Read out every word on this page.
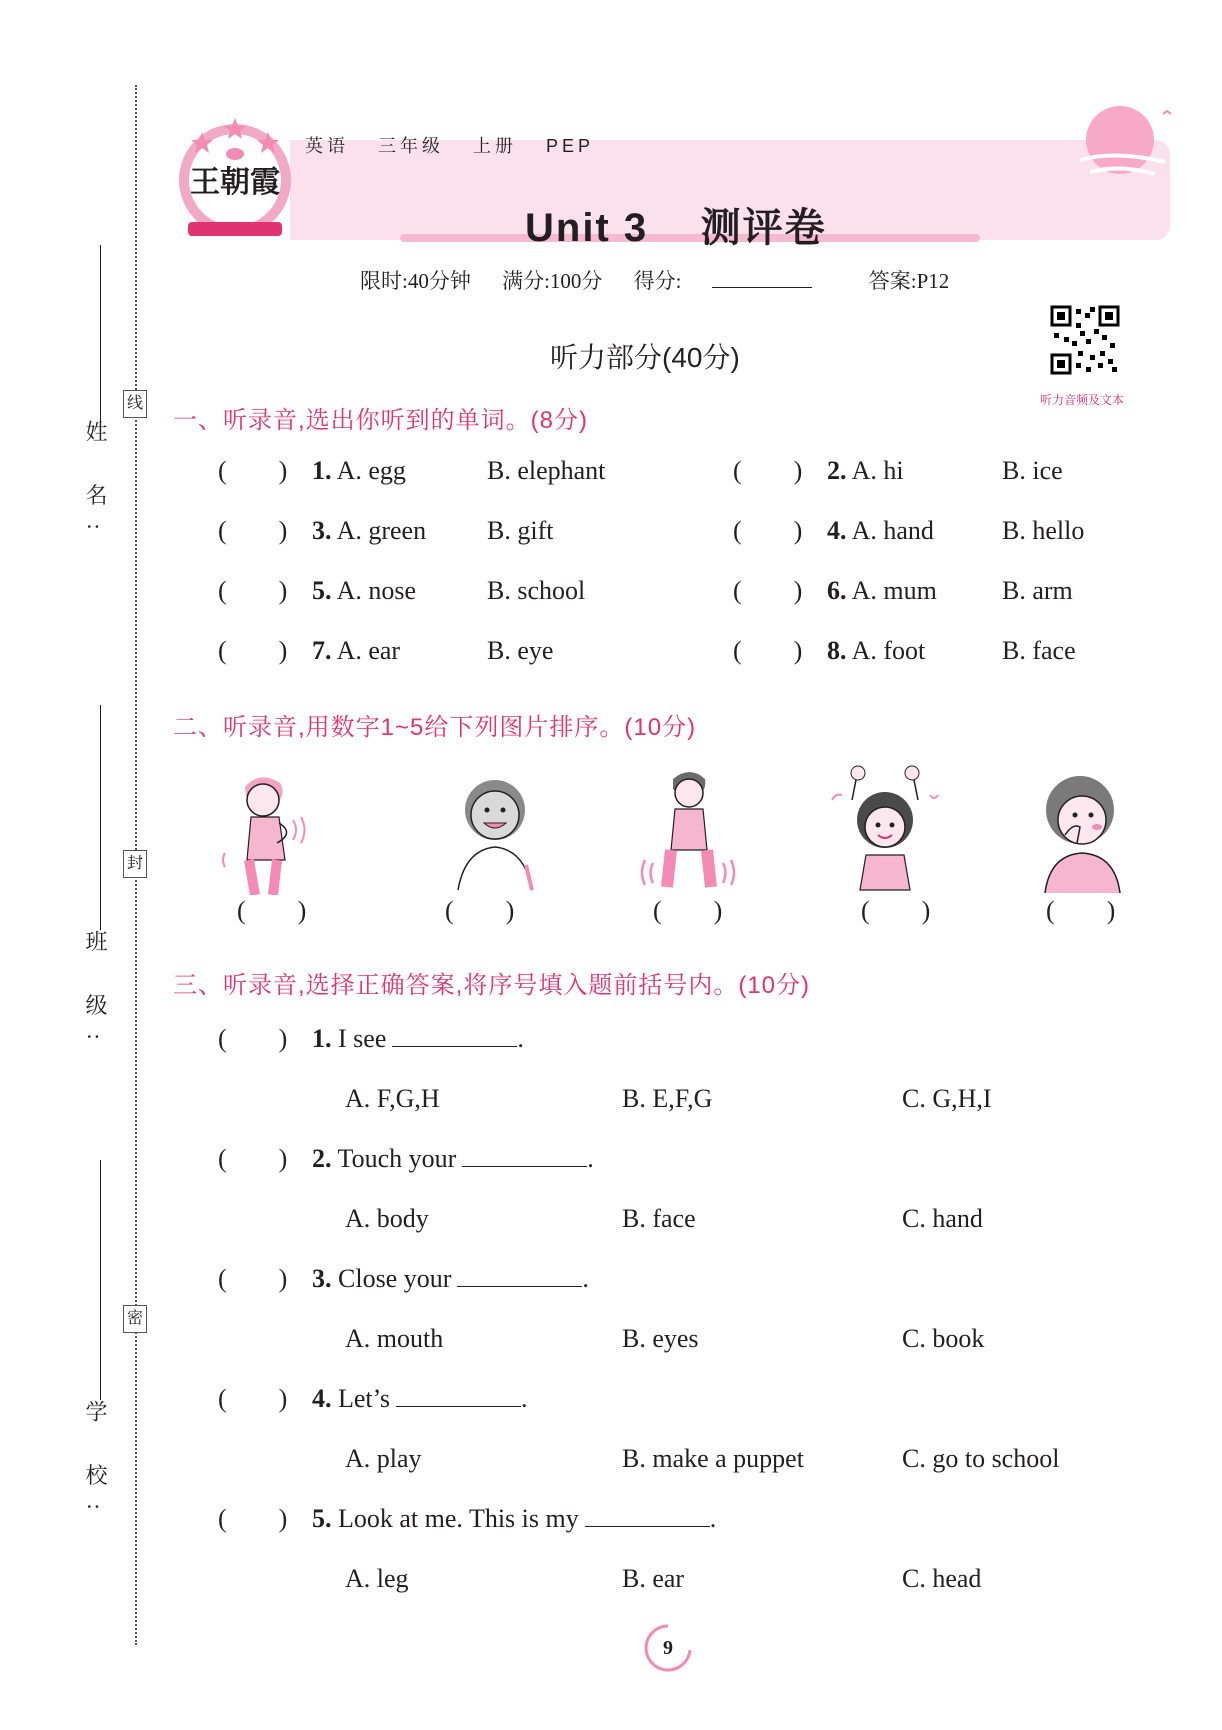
姓 名:
班 级:
学 校:
线
封
密
王朝霞
英语 三年级 上册 PEP
Unit 3    测评卷
限时:40分钟 满分:100分 得分:	答案:P12
听力音频及文本
听力部分(40分)
一、听录音,选出你听到的单词。(8分)
(        ) 1. A. egg	B. elephant	(        ) 2. A. hi	B. ice
(        ) 3. A. green B. gift	(        ) 4. A. hand	B. hello
(        ) 5. A. nose	B. school	(        ) 6. A. mum	B. arm
(        ) 7. A. ear	B. eye	(        ) 8. A. foot	B. face
二、听录音,用数字1~5给下列图片排序。(10分)
(        )	(        )	(        )	(        )	(        )
三、听录音,选择正确答案,将序号填入题前括号内。(10分)
(        ) 1. I see	.
A. F,G,H	B. E,F,G	C. G,H,I
(        ) 2. Touch your	.
A. body	B. face	C. hand
(        ) 3. Close your	.
A. mouth	B. eyes	C. book
(        ) 4. Let’s	.
A. play	B. make a puppet	C. go to school
(        ) 5. Look at me. This is my	.
A. leg	B. ear	C. head
9
